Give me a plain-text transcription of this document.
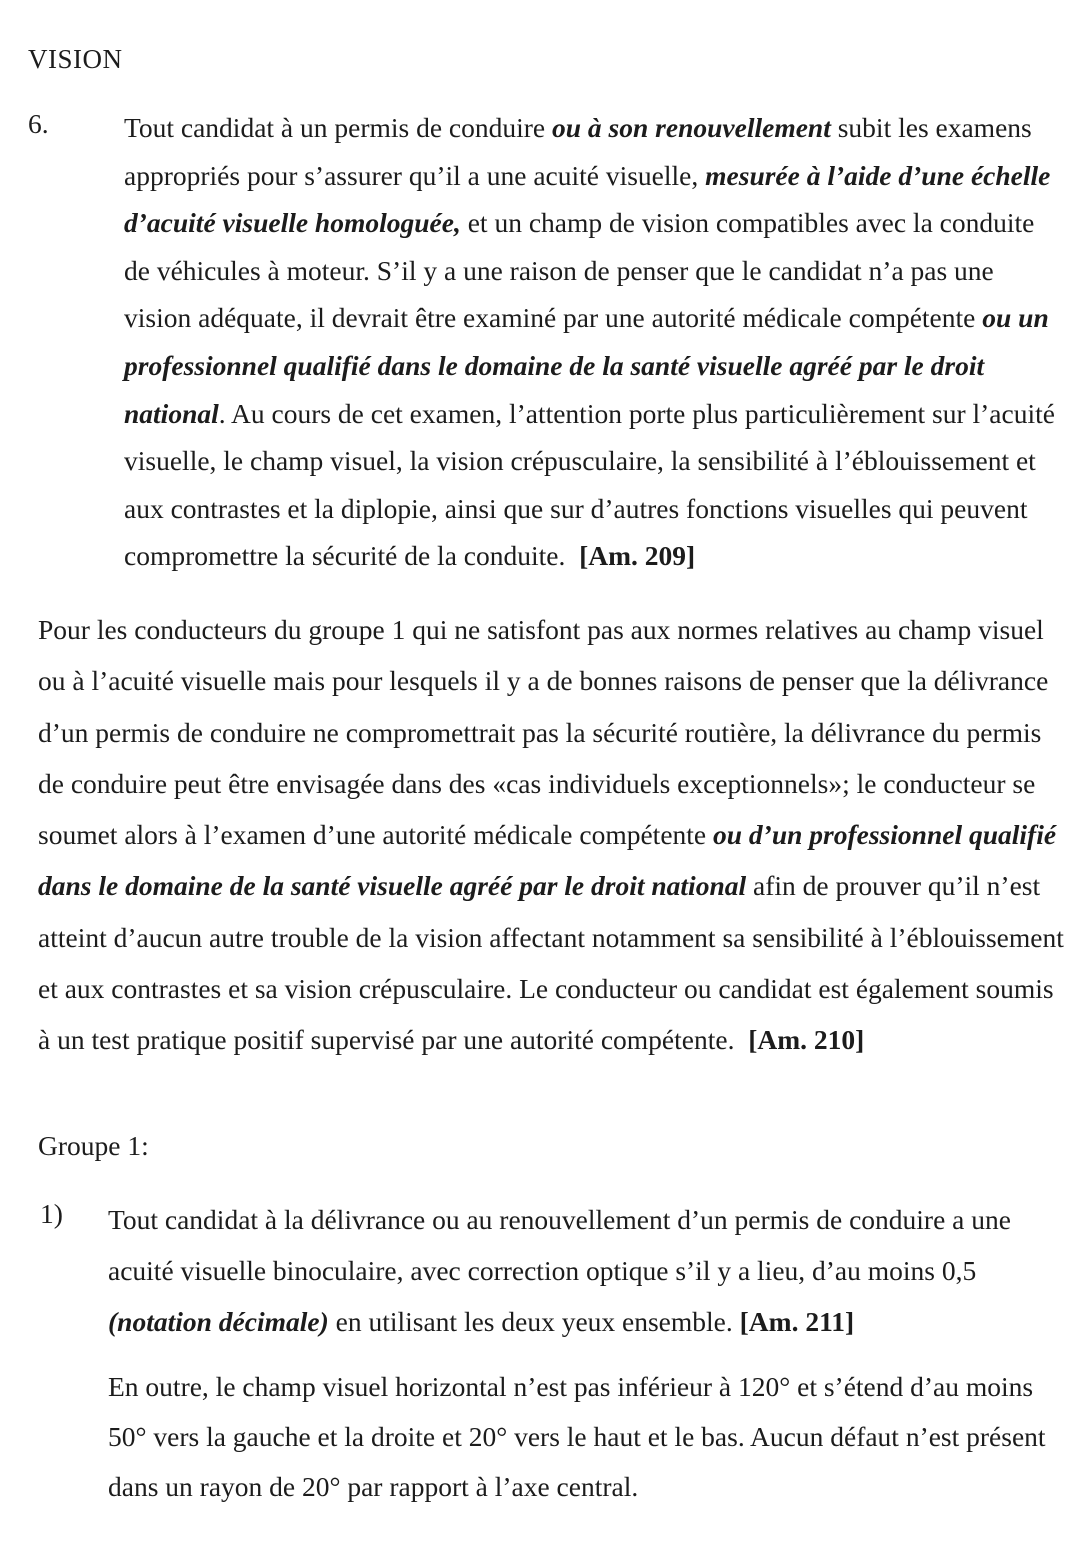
VISION
6.	Tout candidat à un permis de conduire ou à son renouvellement subit les examens appropriés pour s’assurer qu’il a une acuité visuelle, mesurée à l’aide d’une échelle d’acuité visuelle homologuée, et un champ de vision compatibles avec la conduite de véhicules à moteur. S’il y a une raison de penser que le candidat n’a pas une vision adéquate, il devrait être examiné par une autorité médicale compétente ou un professionnel qualifié dans le domaine de la santé visuelle agréé par le droit national. Au cours de cet examen, l’attention porte plus particulièrement sur l’acuité visuelle, le champ visuel, la vision crépusculaire, la sensibilité à l’éblouissement et aux contrastes et la diplopie, ainsi que sur d’autres fonctions visuelles qui peuvent compromettre la sécurité de la conduite. [Am. 209]

Pour les conducteurs du groupe 1 qui ne satisfont pas aux normes relatives au champ visuel ou à l’acuité visuelle mais pour lesquels il y a de bonnes raisons de penser que la délivrance d’un permis de conduire ne compromettrait pas la sécurité routière, la délivrance du permis de conduire peut être envisagée dans des «cas individuels exceptionnels»; le conducteur se soumet alors à l’examen d’une autorité médicale compétente ou d’un professionnel qualifié dans le domaine de la santé visuelle agréé par le droit national afin de prouver qu’il n’est atteint d’aucun autre trouble de la vision affectant notamment sa sensibilité à l’éblouissement et aux contrastes et sa vision crépusculaire. Le conducteur ou candidat est également soumis à un test pratique positif supervisé par une autorité compétente. [Am. 210]

Groupe 1:
1) Tout candidat à la délivrance ou au renouvellement d’un permis de conduire a une acuité visuelle binoculaire, avec correction optique s’il y a lieu, d’au moins 0,5 (notation décimale) en utilisant les deux yeux ensemble. [Am. 211]

En outre, le champ visuel horizontal n’est pas inférieur à 120° et s’étend d’au moins 50° vers la gauche et la droite et 20° vers le haut et le bas. Aucun défaut n’est présent dans un rayon de 20° par rapport à l’axe central.
